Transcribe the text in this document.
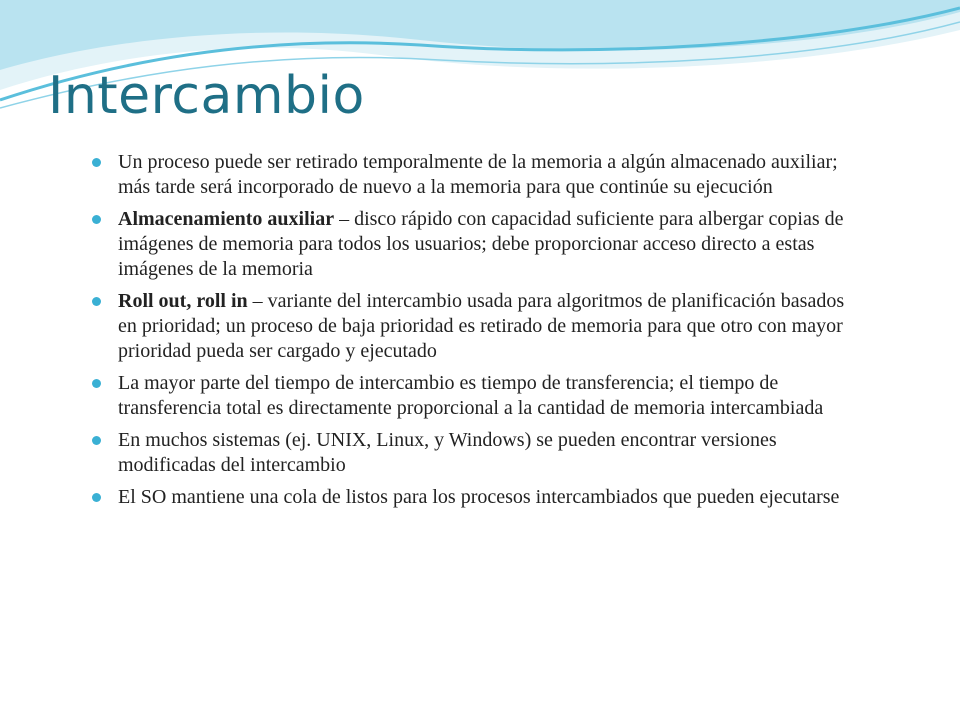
Intercambio
Un proceso puede ser retirado temporalmente de la memoria a algún almacenado auxiliar; más tarde será incorporado de nuevo a la memoria para que continúe su ejecución
Almacenamiento auxiliar – disco rápido con capacidad suficiente para albergar copias de imágenes de memoria para todos los usuarios; debe proporcionar acceso directo a estas imágenes de la memoria
Roll out, roll in – variante del intercambio usada para algoritmos de planificación basados en prioridad; un proceso de baja prioridad es retirado de memoria para que otro con mayor prioridad pueda ser cargado y ejecutado
La mayor parte del tiempo de intercambio es tiempo de transferencia; el tiempo de transferencia total es directamente proporcional a la cantidad de memoria intercambiada
En muchos sistemas (ej. UNIX, Linux, y Windows) se pueden encontrar versiones modificadas del intercambio
El SO mantiene una cola de listos para los procesos intercambiados que pueden ejecutarse
